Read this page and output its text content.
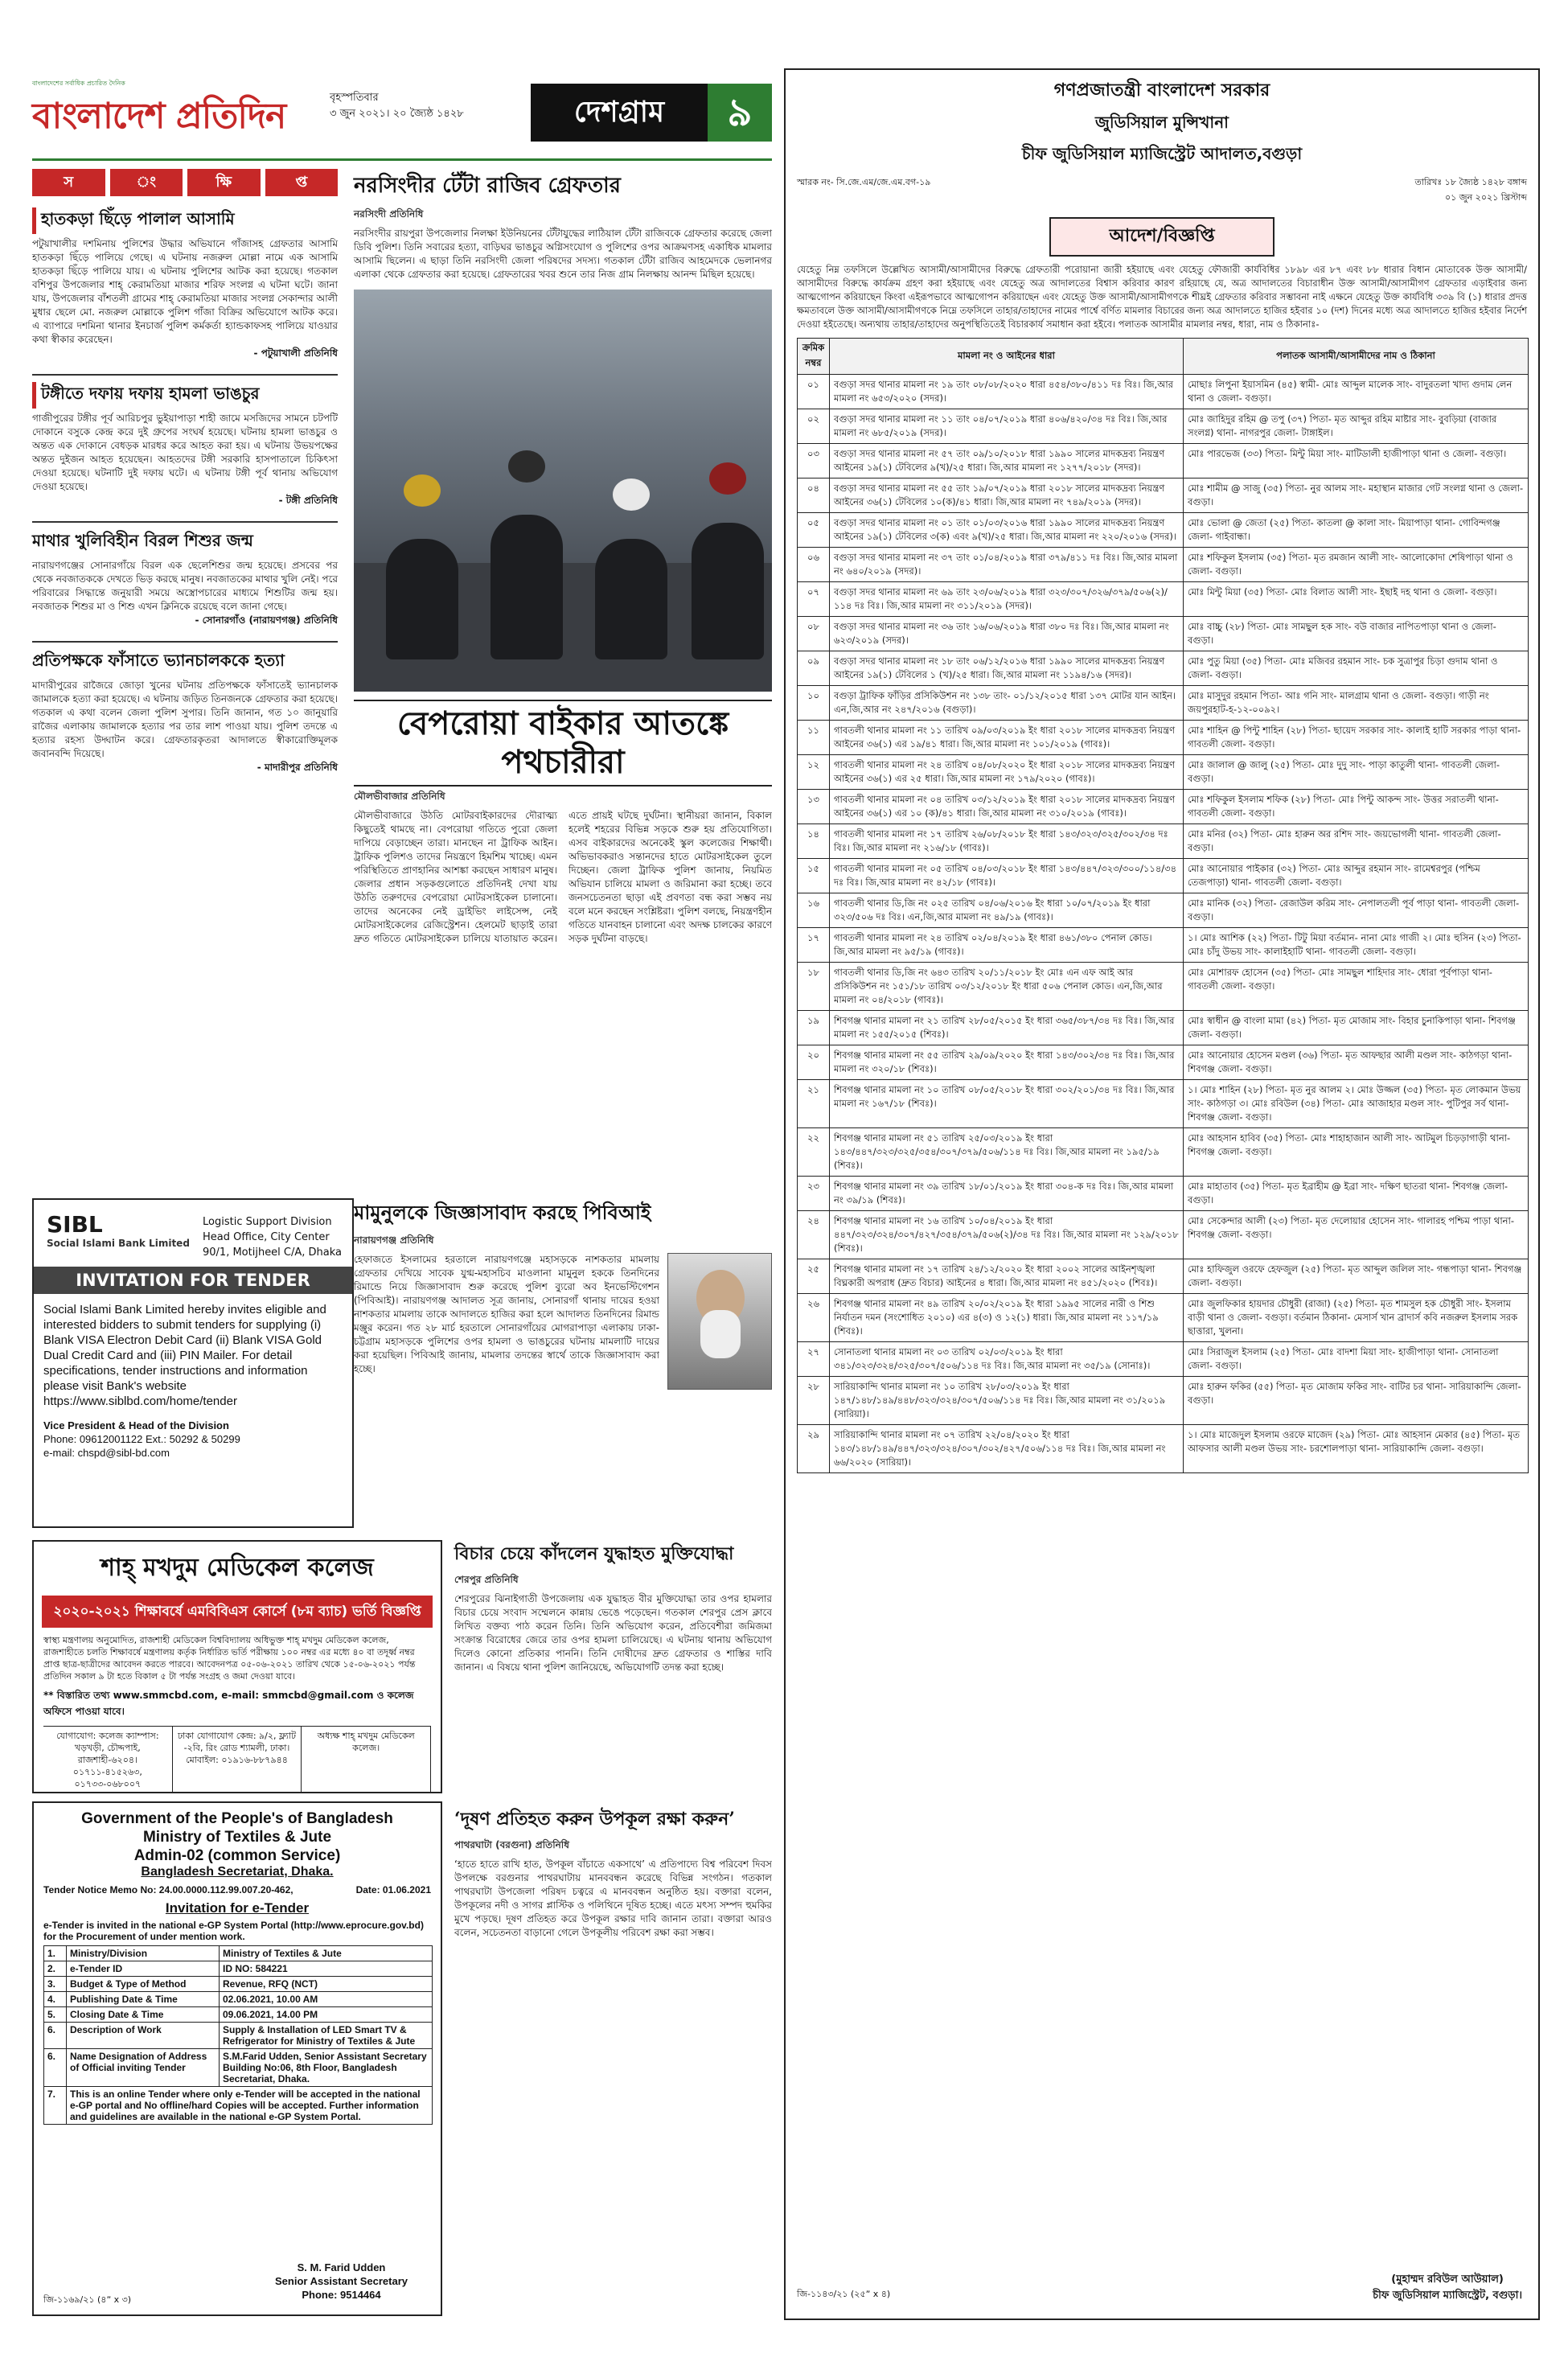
বাংলাদেশের সর্বাধিক প্রচারিত দৈনিক
বাংলাদেশ প্রতিদিন	বৃহস্পতিবার
৩ জুন ২০২১। ২০ জ্যৈষ্ঠ ১৪২৮	দেশগ্রাম	৯
স	ং	ক্ষি	প্ত
হাতকড়া ছিঁড়ে পালাল আসামি

পটুয়াখালীর দশমিনায় পুলিশের উদ্ধার অভিযানে গাঁজাসহ গ্রেফতার আসামি হাতকড়া ছিঁড়ে পালিয়ে গেছে। এ ঘটনায় নজরুল মোল্লা নামে এক আসামি হাতকড়া ছিঁড়ে পালিয়ে যায়। এ ঘটনায় পুলিশের আটক করা হয়েছে। গতকাল বশিপুর উপজেলার শাহ্ কেরামতিয়া মাজার শরিফ সংলগ্ন এ ঘটনা ঘটে। জানা যায়, উপজেলার বাঁশতলী গ্রামের শাহ্ কেরামতিয়া মাজার সংলগ্ন সেকান্দার আলী মুধার ছেলে মো. নজরুল মোল্লাকে পুলিশ গাঁজা বিক্রির অভিযোগে আটক করে। এ ব্যাপারে দশমিনা থানার ইনচার্জ পুলিশ কর্মকর্তা হ্যান্ডকাফসহ পালিয়ে যাওয়ার কথা স্বীকার করেছেন।

- পটুয়াখালী প্রতিনিধি
টঙ্গীতে দফায় দফায় হামলা ভাঙচুর

গাজীপুরের টঙ্গীর পূর্ব আরিচপুর ভুইয়াপাড়া শাহী জামে মসজিদের সামনে চটপটি দোকানে বসুকে কেন্দ্র করে দুই গ্রুপের সংঘর্ষ হয়েছে। ঘটনায় হামলা ভাঙচুর ও অন্তত এক দোকানে বেধড়ক মারধর করে আহত করা হয়। এ ঘটনায় উভয়পক্ষের অন্তত দুইজন আহত হয়েছেন। আহতদের টঙ্গী সরকারি হাসপাতালে চিকিৎসা দেওয়া হয়েছে। ঘটনাটি দুই দফায় ঘটে। এ ঘটনায় টঙ্গী পূর্ব থানায় অভিযোগ দেওয়া হয়েছে।

- টঙ্গী প্রতিনিধি
মাথার খুলিবিহীন বিরল শিশুর জন্ম

নারায়ণগঞ্জের সোনারগাঁয়ে বিরল এক ছেলেশিশুর জন্ম হয়েছে। প্রসবের পর থেকে নবজাতককে দেখতে ভিড় করছে মানুষ। নবজাতকের মাথার খুলি নেই। পরে পরিবারের সিদ্ধান্তে জনুয়ারী সময়ে অস্ত্রোপচারের মাধ্যমে শিশুটির জন্ম হয়। নবজাতক শিশুর মা ও শিশু এখন ক্লিনিকে রয়েছে বলে জানা গেছে।

- সোনারগাঁও (নারায়ণগঞ্জ) প্রতিনিধি
প্রতিপক্ষকে ফাঁসাতে ভ্যানচালককে হত্যা

মাদারীপুরের রাজৈরে জোড়া খুনের ঘটনায় প্রতিপক্ষকে ফাঁসাতেই ভ্যানচালক জামালকে হত্যা করা হয়েছে। এ ঘটনায় জড়িত তিনজনকে গ্রেফতার করা হয়েছে। গতকাল এ কথা বলেন জেলা পুলিশ সুপার। তিনি জানান, গত ১০ জানুয়ারি রাজৈর এলাকায় জামালকে হত্যার পর তার লাশ পাওয়া যায়। পুলিশ তদন্তে এ হত্যার রহস্য উদ্ঘাটন করে। গ্রেফতারকৃতরা আদালতে স্বীকারোক্তিমূলক জবানবন্দি দিয়েছে।

- মাদারীপুর প্রতিনিধি
নরসিংদীর টেঁটা রাজিব গ্রেফতার
নরসিংদী প্রতিনিধি
নরসিংদীর রায়পুরা উপজেলার নিলক্ষা ইউনিয়নের টেঁটাযুদ্ধের লাঠিয়াল টেঁটা রাজিবকে গ্রেফতার করেছে জেলা ডিবি পুলিশ। তিনি সবারের হত্যা, বাড়িঘর ভাঙচুর অগ্নিসংযোগ ও পুলিশের ওপর আক্রমণসহ একাধিক মামলার আসামি ছিলেন। এ ছাড়া তিনি নরসিংদী জেলা পরিষদের সদস্য। গতকাল টেঁটা রাজিব আহমেদকে ভেলানগর এলাকা থেকে গ্রেফতার করা হয়েছে। গ্রেফতারের খবর শুনে তার নিজ গ্রাম নিলক্ষায় আনন্দ মিছিল হয়েছে।
বেপরোয়া বাইকার আতঙ্কে পথচারীরা
মৌলভীবাজার প্রতিনিধি
মৌলভীবাজারে উঠতি মোটরবাইকারদের দৌরাত্ম্য কিছুতেই থামছে না। বেপরোয়া গতিতে পুরো জেলা দাপিয়ে বেড়াচ্ছেন তারা। মানছেন না ট্রাফিক আইন। ট্রাফিক পুলিশও তাদের নিয়ন্ত্রণে হিমশিম খাচ্ছে। এমন পরিস্থিতিতে প্রাণহানির আশঙ্কা করছেন সাধারণ মানুষ। জেলার প্রধান সড়কগুলোতে প্রতিদিনই দেখা যায় উঠতি তরুণদের বেপরোয়া মোটরসাইকেল চালানো। তাদের অনেকের নেই ড্রাইভিং লাইসেন্স, নেই মোটরসাইকেলের রেজিস্ট্রেশন। হেলমেট ছাড়াই তারা দ্রুত গতিতে মোটরসাইকেল চালিয়ে যাতায়াত করেন। এতে প্রায়ই ঘটছে দুর্ঘটনা। স্থানীয়রা জানান, বিকাল হলেই শহরের বিভিন্ন সড়কে শুরু হয় প্রতিযোগিতা। এসব বাইকারদের অনেকেই স্কুল কলেজের শিক্ষার্থী। অভিভাবকরাও সন্তানদের হাতে মোটরসাইকেল তুলে দিচ্ছেন। জেলা ট্রাফিক পুলিশ জানায়, নিয়মিত অভিযান চালিয়ে মামলা ও জরিমানা করা হচ্ছে। তবে জনসচেতনতা ছাড়া এই প্রবণতা বন্ধ করা সম্ভব নয় বলে মনে করছেন সংশ্লিষ্টরা। পুলিশ বলছে, নিয়ন্ত্রণহীন গতিতে যানবাহন চালানো এবং অদক্ষ চালকের কারণে সড়ক দুর্ঘটনা বাড়ছে।
মামুনুলকে জিজ্ঞাসাবাদ করছে পিবিআই
নারায়ণগঞ্জ প্রতিনিধি
হেফাজতে ইসলামের হরতালে নারায়ণগঞ্জে মহাসড়কে নাশকতার মামলায় গ্রেফতার দেখিয়ে সাবেক যুগ্ম-মহাসচিব মাওলানা মামুনুল হককে তিনদিনের রিমান্ডে নিয়ে জিজ্ঞাসাবাদ শুরু করেছে পুলিশ ব্যুরো অব ইনভেস্টিগেশন (পিবিআই)। নারায়ণগঞ্জ আদালত সূত্র জানায়, সোনারগাঁ থানায় দায়ের হওয়া নাশকতার মামলায় তাকে আদালতে হাজির করা হলে আদালত তিনদিনের রিমান্ড মঞ্জুর করেন। গত ২৮ মার্চ হরতালে সোনারগাঁয়ের মোগরাপাড়া এলাকায় ঢাকা-চট্টগ্রাম মহাসড়কে পুলিশের ওপর হামলা ও ভাঙচুরের ঘটনায় মামলাটি দায়ের করা হয়েছিল। পিবিআই জানায়, মামলার তদন্তের স্বার্থে তাকে জিজ্ঞাসাবাদ করা হচ্ছে।
SIBL
Social Islami Bank Limited
Logistic Support Division
Head Office, City Center
90/1, Motijheel C/A, Dhaka
INVITATION FOR TENDER
Social Islami Bank Limited hereby invites eligible and interested bidders to submit tenders for supplying (i) Blank VISA Electron Debit Card (ii) Blank VISA Gold Dual Credit Card and (iii) PIN Mailer. For detail specifications, tender instructions and information please visit Bank's website https://www.siblbd.com/home/tender
Vice President & Head of the Division
Phone: 09612001122 Ext.: 50292 & 50299
e-mail: chspd@sibl-bd.com
শাহ্ মখদুম মেডিকেল কলেজ
২০২০-২০২১ শিক্ষাবর্ষে এমবিবিএস কোর্সে (৮ম ব্যাচ) ভর্তি বিজ্ঞপ্তি
স্বাস্থ্য মন্ত্রণালয় অনুমোদিত, রাজশাহী মেডিকেল বিশ্ববিদ্যালয় অধিভুক্ত শাহ্ মখদুম মেডিকেল কলেজ, রাজশাহীতে চলতি শিক্ষাবর্ষে মন্ত্রণালয় কর্তৃক নির্ধারিত ভর্তি পরীক্ষায় ১০০ নম্বর এর মধ্যে ৪০ বা তদূর্ধ্ব নম্বর প্রাপ্ত ছাত্র-ছাত্রীদের আবেদন করতে পারবে। আবেদনপত্র ০৫-০৬-২০২১ তারিখ থেকে ১৫-০৬-২০২১ পর্যন্ত প্রতিদিন সকাল ৯ টা হতে বিকাল ৫ টা পর্যন্ত সংগ্রহ ও জমা দেওয়া যাবে।
** বিস্তারিত তথ্য www.smmcbd.com, e-mail: smmcbd@gmail.com ও কলেজ অফিসে পাওয়া যাবে।
যোগাযোগ: কলেজ ক্যাম্পাস: খড়খড়ী, চৌদ্দপাই, রাজশাহী-৬২০৪। ০১৭১১-৪১৫২৬৩, ০১৭৩৩-০৬৮০০৭
ঢাকা যোগাযোগ কেন্দ্র: ৯/২, ফ্ল্যাট -২বি, রিং রোড শ্যামলী, ঢাকা। মোবাইল: ০১৯১৬-৮৮৭৯৪৪
অধ্যক্ষ শাহ্ মখদুম মেডিকেল কলেজ।
বিচার চেয়ে কাঁদলেন যুদ্ধাহত মুক্তিযোদ্ধা
শেরপুর প্রতিনিধি
শেরপুরের ঝিনাইগাতী উপজেলায় এক যুদ্ধাহত বীর মুক্তিযোদ্ধা তার ওপর হামলার বিচার চেয়ে সংবাদ সম্মেলনে কান্নায় ভেঙে পড়েছেন। গতকাল শেরপুর প্রেস ক্লাবে লিখিত বক্তব্য পাঠ করেন তিনি। তিনি অভিযোগ করেন, প্রতিবেশীরা জমিজমা সংক্রান্ত বিরোধের জেরে তার ওপর হামলা চালিয়েছে। এ ঘটনায় থানায় অভিযোগ দিলেও কোনো প্রতিকার পাননি। তিনি দোষীদের দ্রুত গ্রেফতার ও শাস্তির দাবি জানান। এ বিষয়ে থানা পুলিশ জানিয়েছে, অভিযোগটি তদন্ত করা হচ্ছে।
Government of the People's of Bangladesh
Ministry of Textiles & Jute
Admin-02 (common Service)
Bangladesh Secretariat, Dhaka.
Tender Notice Memo No: 24.00.0000.112.99.007.20-462,	Date: 01.06.2021
Invitation for e-Tender
e-Tender is invited in the national e-GP System Portal (http://www.eprocure.gov.bd) for the Procurement of under mention work.
1.	Ministry/Division	Ministry of Textiles & Jute
2.	e-Tender ID	ID NO: 584221
3.	Budget & Type of Method	Revenue, RFQ (NCT)
4.	Publishing Date & Time	02.06.2021, 10.00 AM
5.	Closing Date & Time	09.06.2021, 14.00 PM
6.	Description of Work	Supply & Installation of LED Smart TV & Refrigerator for Ministry of Textiles & Jute
6.	Name Designation of Address of Official inviting Tender	S.M.Farid Udden, Senior Assistant Secretary Building No:06, 8th Floor, Bangladesh Secretariat, Dhaka.
7.	This is an online Tender where only e-Tender will be accepted in the national e-GP portal and No offline/hard Copies will be accepted. Further information and guidelines are available in the national e-GP System Portal.	
S. M. Farid Udden
Senior Assistant Secretary
Phone: 9514464
জি-১১৬৯/২১ (৪ˮ x ৩)
‘দূষণ প্রতিহত করুন উপকূল রক্ষা করুন’
পাথরঘাটা (বরগুনা) প্রতিনিধি
‘হাতে হাতে রাখি হাত, উপকূল বাঁচাতে একসাথে’ এ প্রতিপাদ্যে বিশ্ব পরিবেশ দিবস উপলক্ষে বরগুনার পাথরঘাটায় মানববন্ধন করেছে বিভিন্ন সংগঠন। গতকাল পাথরঘাটা উপজেলা পরিষদ চত্বরে এ মানববন্ধন অনুষ্ঠিত হয়। বক্তারা বলেন, উপকূলের নদী ও সাগর প্লাস্টিক ও পলিথিনে দূষিত হচ্ছে। এতে মৎস্য সম্পদ হুমকির মুখে পড়ছে। দূষণ প্রতিহত করে উপকূল রক্ষার দাবি জানান তারা। বক্তারা আরও বলেন, সচেতনতা বাড়ানো গেলে উপকূলীয় পরিবেশ রক্ষা করা সম্ভব।
গণপ্রজাতন্ত্রী বাংলাদেশ সরকার
জুডিসিয়াল মুন্সিখানা
চীফ জুডিসিয়াল ম্যাজিস্ট্রেট আদালত,বগুড়া
স্মারক নং- সি.জে.এম/জে.এম.বগ-১৯	তারিখঃ ১৮ জ্যৈষ্ঠ ১৪২৮ বঙ্গাব্দ
০১ জুন ২০২১ খ্রিস্টাব্দ
আদেশ/বিজ্ঞপ্তি
যেহেতু নিম্ন তফসিলে উল্লেখিত আসামী/আসামীদের বিরুদ্ধে গ্রেফতারী পরোয়ানা জারী হইয়াছে এবং যেহেতু ফৌজারী কার্যবিধির ১৮৯৮ এর ৮৭ এবং ৮৮ ধারার বিধান মোতাবেক উক্ত আসামী/আসামীদের বিরুদ্ধে কার্যক্রম গ্রহণ করা হইয়াছে এবং যেহেতু অত্র আদালতের বিশ্বাস করিবার কারণ রহিয়াছে যে, অত্র আদালতের বিচারাধীন উক্ত আসামী/আসামীগণ গ্রেফতার এড়াইবার জন্য আত্মগোপন করিয়াছেন কিংবা এইরূপভাবে আত্মগোপন করিয়াছেন এবং যেহেতু উক্ত আসামী/আসামীগণকে শীঘ্রই গ্রেফতার করিবার সম্ভাবনা নাই এক্ষনে যেহেতু উক্ত কার্যবিধি ৩৩৯ বি (১) ধারার প্রদত্ত ক্ষমতাবলে উক্ত আসামী/আসামীগণকে নিম্নে তফসিলে তাহার/তাহাদের নামের পার্শ্বে বর্ণিত মামলার বিচারের জন্য অত্র আদালতে হাজির হইবার ১০ (দশ) দিনের মধ্যে অত্র আদালতে হাজির হইবার নির্দেশ দেওয়া হইতেছে। অন্যথায় তাহার/তাহাদের অনুপস্থিতিতেই বিচারকার্য সমাধান করা হইবে। পলাতক আসামীর মামলার নম্বর, ধারা, নাম ও ঠিকানাঃ-
ক্রমিক নম্বর	মামলা নং ও আইনের ধারা	পলাতক আসামী/আসামীদের নাম ও ঠিকানা
০১	বগুড়া সদর থানার মামলা নং ১৯ তাং ০৮/০৮/২০২০ ধারা ৪৫৪/৩৮০/৪১১ দঃ বিঃ। জি,আর মামলা নং ৬৫৩/২০২০ (সদর)।	মোছাঃ লিপুনা ইয়াসমিন (৪৫) স্বামী- মোঃ আব্দুল মালেক সাং- বাদুরতলা খাদ্য গুদাম লেন থানা ও জেলা- বগুড়া।
০২	বগুড়া সদর থানার মামলা নং ১১ তাং ০৪/০৭/২০১৯ ধারা ৪০৬/৪২০/৩৪ দঃ বিঃ। জি,আর মামলা নং ৬৮৫/২০১৯ (সদর)।	মোঃ জাহিদুর রহিম @ তপু (৩৭) পিতা- মৃত আব্দুর রহিম মাষ্টার সাং- বুবড়িয়া (বাজার সংলগ্ন) থানা- নাগরপুর জেলা- টাঙ্গাইল।
০৩	বগুড়া সদর থানার মামলা নং ৫৭ তাং ০৯/১০/২০১৮ ধারা ১৯৯০ সালের মাদকদ্রব্য নিয়ন্ত্রণ আইনের ১৯(১) টেবিলের ৯(খ)/২৫ ধারা। জি,আর মামলা নং ১২৭৭/২০১৮ (সদর)।	মোঃ পারভেজ (৩৩) পিতা- মিন্টু মিয়া সাং- মাটিডালী হাজীপাড়া থানা ও জেলা- বগুড়া।
০৪	বগুড়া সদর থানার মামলা নং ৫৫ তাং ১৯/০৭/২০১৯ ধারা ২০১৮ সালের মাদকদ্রব্য নিয়ন্ত্রণ আইনের ৩৬(১) টেবিলের ১০(ক)/৪১ ধারা। জি,আর মামলা নং ৭৪৯/২০১৯ (সদর)।	মোঃ শামীম @ সাজু (৩৫) পিতা- নুর আলম সাং- মহাস্থান মাজার গেট সংলগ্ন থানা ও জেলা- বগুড়া।
০৫	বগুড়া সদর থানার মামলা নং ০১ তাং ০১/০৩/২০১৬ ধারা ১৯৯০ সালের মাদকদ্রব্য নিয়ন্ত্রণ আইনের ১৯(১) টেবিলের ৩(ক) এবং ৯(খ)/২৫ ধারা। জি,আর মামলা নং ২২০/২০১৬ (সদর)।	মোঃ ভোলা @ জেতা (২৫) পিতা- কাতলা @ কালা সাং- মিয়াপাড়া থানা- গোবিন্দগঞ্জ জেলা- গাইবান্ধা।
০৬	বগুড়া সদর থানার মামলা নং ৩৭ তাং ০১/০৪/২০১৯ ধারা ৩৭৯/৪১১ দঃ বিঃ। জি,আর মামলা নং ৬৪০/২০১৯ (সদর)।	মোঃ শফিকুল ইসলাম (৩৫) পিতা- মৃত রমজান আলী সাং- আলোকোদা শেষিপাড়া থানা ও জেলা- বগুড়া।
০৭	বগুড়া সদর থানার মামলা নং ৬৯ তাং ২৩/০৬/২০১৯ ধারা ৩২৩/৩০৭/৩২৬/৩৭৯/৫০৬(২)/১১৪ দঃ বিঃ। জি,আর মামলা নং ৩১১/২০১৯ (সদর)।	মোঃ মিন্টু মিয়া (৩৫) পিতা- মোঃ বিলাত আলী সাং- ইছাই দহ থানা ও জেলা- বগুড়া।
০৮	বগুড়া সদর থানার মামলা নং ৩৬ তাং ১৬/০৬/২০১৯ ধারা ৩৮০ দঃ বিঃ। জি,আর মামলা নং ৬২৩/২০১৯ (সদর)।	মোঃ বাচ্চু (২৮) পিতা- মোঃ সামছুল হক সাং- বউ বাজার নাপিতপাড়া থানা ও জেলা- বগুড়া।
০৯	বগুড়া সদর থানার মামলা নং ১৮ তাং ০৬/১২/২০১৬ ধারা ১৯৯০ সালের মাদকদ্রব্য নিয়ন্ত্রণ আইনের ১৯(১) টেবিলের ১ (খ)/২৫ ধারা। জি,আর মামলা নং ১১৯৪/১৬ (সদর)।	মোঃ পুতু মিয়া (৩৫) পিতা- মোঃ মজিবর রহমান সাং- চক সুত্রাপুর চিড়া গুদাম থানা ও জেলা- বগুড়া।
১০	বগুড়া ট্রাফিক ফাঁড়ির প্রসিকিউশন নং ১৩৮ তাং- ০১/১২/২০১৫ ধারা ১৩৭ মোটর যান আইন। এন,জি,আর নং ২৪৭/২০১৬ (বগুড়া)।	মোঃ মাসুদুর রহমান পিতা- আঃ গনি সাং- মালগ্রাম থানা ও জেলা- বগুড়া। গাড়ী নং জয়পুরহাট-হ-১২-০০৯২।
১১	গাবতলী থানার মামলা নং ১১ তারিখ ০৯/০৩/২০১৯ ইং ধারা ২০১৮ সালের মাদকদ্রব্য নিয়ন্ত্রণ আইনের ৩৬(১) এর ১৯/৪১ ধারা। জি,আর মামলা নং ১০১/২০১৯ (গাবঃ)।	মোঃ শাহিন @ পিন্টু শাহিন (২৮) পিতা- ছায়েদ সরকার সাং- কালাই হাটি সরকার পাড়া থানা- গাবতলী জেলা- বগুড়া।
১২	গাবতলী থানার মামলা নং ২৪ তারিখ ০৪/০৮/২০২০ ইং ধারা ২০১৮ সালের মাদকদ্রব্য নিয়ন্ত্রণ আইনের ৩৬(১) এর ২৫ ধারা। জি,আর মামলা নং ১৭৯/২০২০ (গাবঃ)।	মোঃ জালাল @ জালু (২৫) পিতা- মোঃ দুদু সাং- পাড়া কাতুলী থানা- গাবতলী জেলা- বগুড়া।
১৩	গাবতলী থানার মামলা নং ০৪ তারিখ ০৩/১২/২০১৯ ইং ধারা ২০১৮ সালের মাদকদ্রব্য নিয়ন্ত্রণ আইনের ৩৬(১) এর ১০ (ক)/৪১ ধারা। জি,আর মামলা নং ৩১০/২০১৯ (গাবঃ)।	মোঃ শফিকুল ইসলাম শফিক (২৮) পিতা- মোঃ পিন্টু আকন্দ সাং- উত্তর সরাতলী থানা- গাবতলী জেলা- বগুড়া।
১৪	গাবতলী থানার মামলা নং ১৭ তারিখ ২৬/০৮/২০১৮ ইং ধারা ১৪৩/৩২৩/৩২৫/৩০২/৩৪ দঃ বিঃ। জি,আর মামলা নং ২১৬/১৮ (গাবঃ)।	মোঃ মনির (৩২) পিতা- মোঃ হারুন অর রশিদ সাং- জয়ভোগলী থানা- গাবতলী জেলা- বগুড়া।
১৫	গাবতলী থানার মামলা নং ০৫ তারিখ ০৪/০৩/২০১৮ ইং ধারা ১৪৩/৪৪৭/৩২৩/৩০০/১১৪/৩৪ দঃ বিঃ। জি,আর মামলা নং ৪২/১৮ (গাবঃ)।	মোঃ আনোয়ার পাইকার (৩২) পিতা- মোঃ আব্দুর রহমান সাং- রামেশ্বরপুর (পশ্চিম তেজপাড়া) থানা- গাবতলী জেলা- বগুড়া।
১৬	গাবতলী থানার ডি,জি নং ০২৫ তারিখ ০৪/০৬/২০১৬ ইং ধারা ১০/০৭/২০১৯ ইং ধারা ৩২৩/৫০৬ দঃ বিঃ। এন,জি,আর মামলা নং ৪৯/১৯ (গাবঃ)।	মোঃ মানিক (৩২) পিতা- রেজাউল করিম সাং- নেপালতলী পূর্ব পাড়া থানা- গাবতলী জেলা- বগুড়া।
১৭	গাবতলী থানার মামলা নং ২৪ তারিখ ০২/০৪/২০১৯ ইং ধারা ৪৬১/৩৮০ পেনাল কোড। জি,আর মামলা নং ৯৫/১৯ (গাবঃ)।	১। মোঃ আশিক (২২) পিতা- টিটু মিয়া বর্তমান- নানা মোঃ গাজী ২। মোঃ হুসিন (২৩) পিতা- মোঃ চাঁদু উভয় সাং- কালাইহাটি থানা- গাবতলী জেলা- বগুড়া।
১৮	গাবতলী থানার ডি,জি নং ৬৪৩ তারিখ ২০/১১/২০১৮ ইং মোঃ এন এফ আই আর প্রসিকিউশন নং ১৫১/১৮ তারিখ ০৩/১২/২০১৮ ইং ধারা ৫০৬ পেনাল কোড। এন,জি,আর মামলা নং ০৪/২০১৮ (গাবঃ)।	মোঃ মোশারফ হোসেন (৩৫) পিতা- মোঃ সামছুল শাহিদার সাং- ধোরা পূর্বপাড়া থানা- গাবতলী জেলা- বগুড়া।
১৯	শিবগঞ্জ থানার মামলা নং ২১ তারিখ ২৮/০৫/২০১৫ ইং ধারা ৩৬৫/৩৮৭/৩৪ দঃ বিঃ। জি,আর মামলা নং ১৫৫/২০১৫ (শিবঃ)।	মোঃ স্বাধীন @ বাংলা মামা (৪২) পিতা- মৃত মোজাম সাং- বিহার চুনাকিপাড়া থানা- শিবগঞ্জ জেলা- বগুড়া।
২০	শিবগঞ্জ থানার মামলা নং ৫৫ তারিখ ২৯/০৯/২০২০ ইং ধারা ১৪৩/৩০২/৩৪ দঃ বিঃ। জি,আর মামলা নং ৩২০/১৮ (শিবঃ)।	মোঃ আনোয়ার হোসেন মণ্ডল (৩৬) পিতা- মৃত আফছার আলী মণ্ডল সাং- কাঠগড়া থানা- শিবগঞ্জ জেলা- বগুড়া।
২১	শিবগঞ্জ থানার মামলা নং ১০ তারিখ ০৮/০৫/২০১৮ ইং ধারা ৩০২/২০১/৩৪ দঃ বিঃ। জি,আর মামলা নং ১৬৭/১৮ (শিবঃ)।	১। মোঃ শাহিন (২৮) পিতা- মৃত নুর আলম ২। মোঃ উজ্জল (৩৫) পিতা- মৃত লোকমান উভয় সাং- কাঠগড়া ৩। মোঃ রবিউল (৩৪) পিতা- মোঃ আজাহার মণ্ডল সাং- পুটিপুর সর্ব থানা- শিবগঞ্জ জেলা- বগুড়া।
২২	শিবগঞ্জ থানার মামলা নং ৫১ তারিখ ২৫/০৩/২০১৯ ইং ধারা ১৪৩/৪৪৭/৩২৩/৩২৫/৩৫৪/৩০৭/৩৭৯/৫০৬/১১৪ দঃ বিঃ। জি,আর মামলা নং ১৯৫/১৯ (শিবঃ)।	মোঃ আহসান হাবিব (৩৫) পিতা- মোঃ শাহাহাজান আলী সাং- আটমুল চিড়ড়াগাড়ী থানা- শিবগঞ্জ জেলা- বগুড়া।
২৩	শিবগঞ্জ থানার মামলা নং ৩৯ তারিখ ১৮/০১/২০১৯ ইং ধারা ৩০৪-ক দঃ বিঃ। জি,আর মামলা নং ৩৯/১৯ (শিবঃ)।	মোঃ মাহাতাব (৩৫) পিতা- মৃত ইব্রাহীম @ ইব্রা সাং- দক্ষিণ ছাতরা থানা- শিবগঞ্জ জেলা- বগুড়া।
২৪	শিবগঞ্জ থানার মামলা নং ১৬ তারিখ ১০/০৪/২০১৯ ইং ধারা ৪৪৭/৩২৩/৩২৪/৩০৭/৪২৭/৩৫৪/৩৭৯/৫০৬(২)/৩৪ দঃ বিঃ। জি,আর মামলা নং ১২৯/২০১৮ (শিবঃ)।	মোঃ সেকেন্দার আলী (২৩) পিতা- মৃত দেলোয়ার হোসেন সাং- গালারহ পশ্চিম পাড়া থানা- শিবগঞ্জ জেলা- বগুড়া।
২৫	শিবগঞ্জ থানার মামলা নং ১৭ তারিখ ২৪/১২/২০২০ ইং ধারা ২০০২ সালের আইনশৃঙ্খলা বিঘ্নকারী অপরাধ (দ্রুত বিচার) আইনের ৪ ধারা। জি,আর মামলা নং ৪৫১/২০২০ (শিবঃ)।	মোঃ হাফিজুল ওরফে হেফজুল (২৫) পিতা- মৃত আব্দুল জলিল সাং- গন্ধপাড়া থানা- শিবগঞ্জ জেলা- বগুড়া।
২৬	শিবগঞ্জ থানার মামলা নং ৪৯ তারিখ ২০/০২/২০১৯ ইং ধারা ১৯৯৫ সালের নারী ও শিশু নির্যাতন দমন (সংশোধিত ২০১০) এর ৪(৩) ও ১২(১) ধারা। জি,আর মামলা নং ১১৭/১৯ (শিবঃ)।	মোঃ জুলফিকার হায়দার চৌধুরী (রাজা) (২৫) পিতা- মৃত শামসুল হক চৌধুরী সাং- ইসলাম বাড়ী থানা ও জেলা- বগুড়া। বর্তমান ঠিকানা- মেসার্স খান ব্রাদার্স কবি নজরুল ইসলাম সরক ছাত্তারা, খুলনা।
২৭	সোনাতলা থানার মামলা নং ০৩ তারিখ ০২/০৩/২০১৯ ইং ধারা ৩৪১/৩২৩/৩২৪/৩২৫/৩০৭/৫০৬/১১৪ দঃ বিঃ। জি,আর মামলা নং ৩৫/১৯ (সোনাঃ)।	মোঃ সিরাজুল ইসলাম (২৫) পিতা- মোঃ বাদশা মিয়া সাং- হাজীপাড়া থানা- সোনাতলা জেলা- বগুড়া।
২৮	সারিয়াকান্দি থানার মামলা নং ১০ তারিখ ২৮/০৩/২০১৯ ইং ধারা ১৪৭/১৪৮/১৪৯/৪৪৮/৩২৩/৩২৪/৩০৭/৫০৬/১১৪ দঃ বিঃ। জি,আর মামলা নং ৩১/২০১৯ (সারিয়া)।	মোঃ হারুন ফকির (৫৫) পিতা- মৃত মোজাম ফকির সাং- বাটির চর থানা- সারিয়াকান্দি জেলা- বগুড়া।
২৯	সারিয়াকান্দি থানার মামলা নং ০৭ তারিখ ২২/০৪/২০২০ ইং ধারা ১৪৩/১৪৮/১৪৯/৪৪৭/৩২৩/৩২৪/৩০৭/৩০২/৪২৭/৫০৬/১১৪ দঃ বিঃ। জি,আর মামলা নং ৬৬/২০২০ (সারিয়া)।	১। মোঃ মাজেদুল ইসলাম ওরফে মাজেদ (২৯) পিতা- মোঃ আহসান মেকার (৪৫) পিতা- মৃত আফসার আলী মণ্ডল উভয় সাং- চরশোলপাড়া থানা- সারিয়াকান্দি জেলা- বগুড়া।
জি-১১৪৩/২১ (২৫ˮ x ৪)
(মুহাম্মদ রবিউল আউয়াল)
চীফ জুডিসিয়াল ম্যাজিস্ট্রেট, বগুড়া।
